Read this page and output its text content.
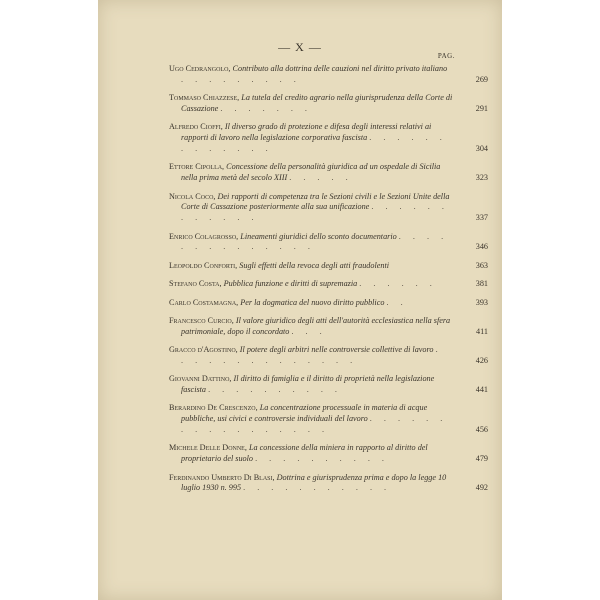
— X —
PAG.
Ugo Cedrangolo, Contributo alla dottrina delle cauzioni nel diritto privato italiano . . . . . . . . .	269
Tommaso Chiazzese, La tutela del credito agrario nella giurisprudenza della Corte di Cassazione . . . . . . .	291
Alfredo Cioffi, Il diverso grado di protezione e difesa degli interessi relativi ai rapporti di lavoro nella legislazione corporativa fascista . . . . . . . . . . . . .	304
Ettore Cipolla, Concessione della personalità giuridica ad un ospedale di Sicilia nella prima metà del secolo XIII . . . . .	323
Nicola Coco, Dei rapporti di competenza tra le Sezioni civili e le Sezioni Unite della Corte di Cassazione posteriormente alla sua unificazione . . . . . . . . . . . .	337
Enrico Colagrosso, Lineamenti giuridici dello sconto documentario . . . . . . . . . . . . . .	346
Leopoldo Conforti, Sugli effetti della revoca degli atti fraudolenti	363
Stefano Costa, Pubblica funzione e diritti di supremazia . . . . . .	381
Carlo Costamagna, Per la dogmatica del nuovo diritto pubblico . .	393
Francesco Curcio, Il valore giuridico degli atti dell'autorità ecclesiastica nella sfera patrimoniale, dopo il concordato . . .	411
Gracco d'Agostino, Il potere degli arbitri nelle controversie collettive di lavoro . . . . . . . . . . . . . .	426
Giovanni Dattino, Il diritto di famiglia e il diritto di proprietà nella legislazione fascista . . . . . . . . . .	441
Berardino De Crescenzo, La concentrazione processuale in materia di acque pubbliche, usi civici e controversie individuali del lavoro . . . . . . . . . . . . . . . . .	456
Michele Delle Donne, La concessione della miniera in rapporto al diritto del proprietario del suolo . . . . . . . . . .	479
Ferdinando Umberto Di Blasi, Dottrina e giurisprudenza prima e dopo la legge 10 luglio 1930 n. 995 . . . . . . . . . . .	492
